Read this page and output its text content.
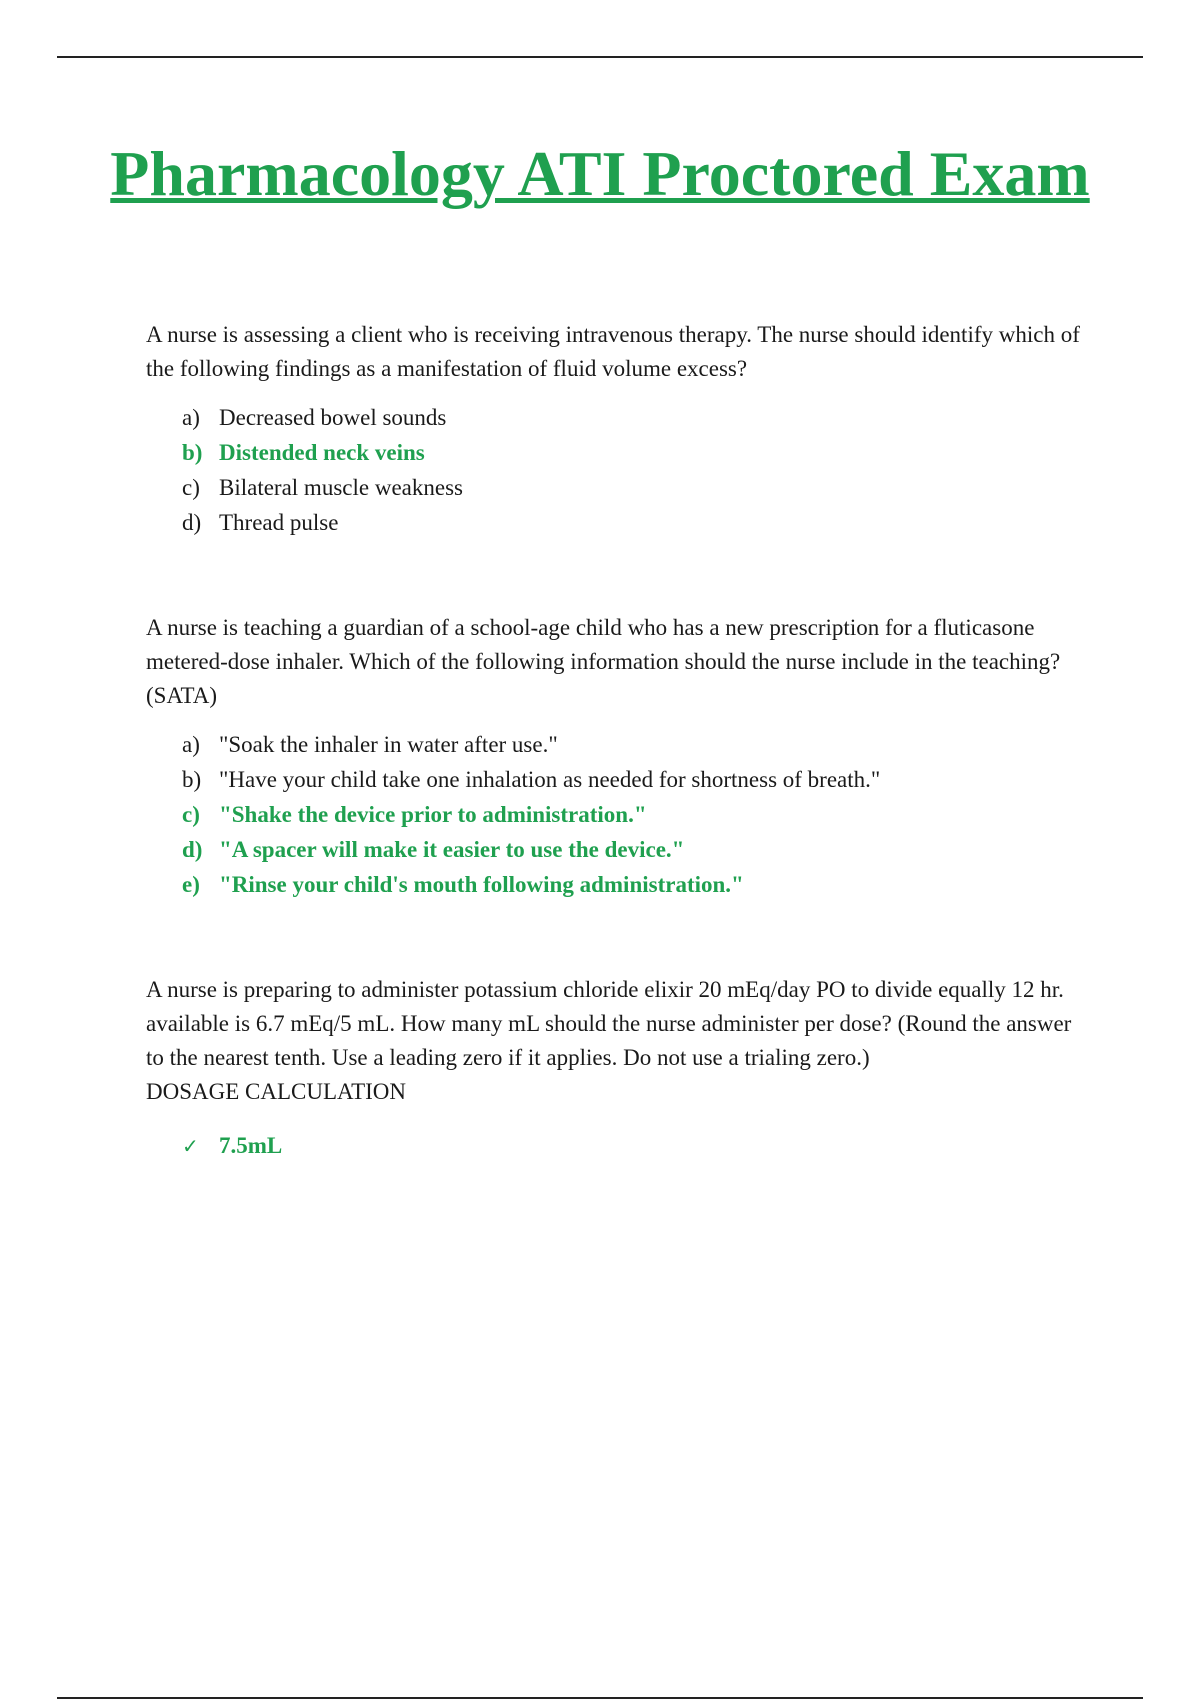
Pharmacology ATI Proctored Exam

A nurse is assessing a client who is receiving intravenous therapy. The nurse should identify which of the following findings as a manifestation of fluid volume excess?

a) Decreased bowel sounds
b) Distended neck veins
c) Bilateral muscle weakness
d) Thread pulse

A nurse is teaching a guardian of a school-age child who has a new prescription for a fluticasone metered-dose inhaler. Which of the following information should the nurse include in the teaching? (SATA)

a) "Soak the inhaler in water after use."
b) "Have your child take one inhalation as needed for shortness of breath."
c) "Shake the device prior to administration."
d) "A spacer will make it easier to use the device."
e) "Rinse your child's mouth following administration."

A nurse is preparing to administer potassium chloride elixir 20 mEq/day PO to divide equally 12 hr. available is 6.7 mEq/5 mL. How many mL should the nurse administer per dose? (Round the answer to the nearest tenth. Use a leading zero if it applies. Do not use a trialing zero.)

DOSAGE CALCULATION

✓ 7.5mL
